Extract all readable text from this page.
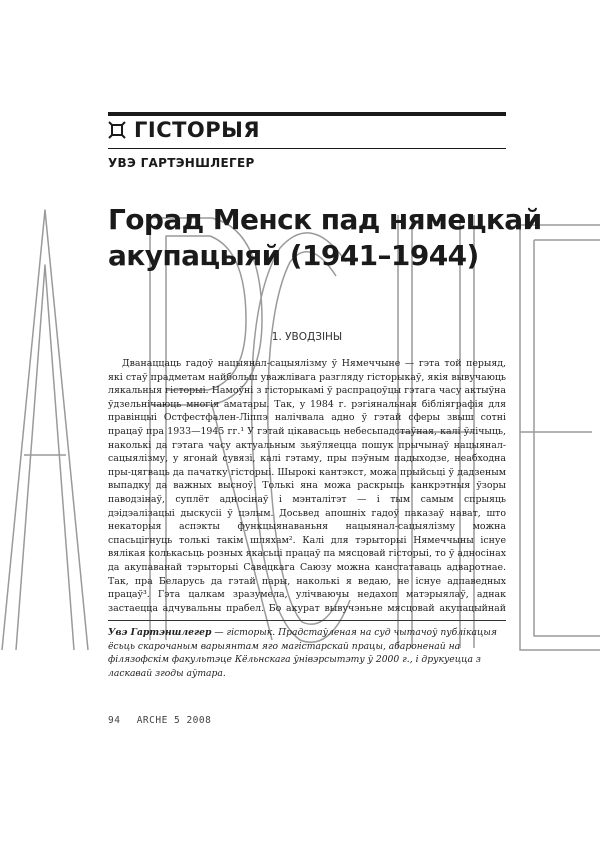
ГІСТОРЫЯ
УВЭ ГАРТЭНШЛЕГЕР
Горад Менск пад нямецкай
акупацыяй (1941–1944)
1. УВОДЗІНЫ

Дванаццаць гадоў нацыянал-сацыялізму ў Нямеччыне — гэта той перыяд, які стаў прадметам найбольш уважлівага разгляду гісторыкаў, якія вывучаюць лякальныя гісторыі. Намоўні з гісторыкамі ў распрацоўцы гэтага часу актыўна ўдзельнічаюць многія аматары. Так, у 1984 г. рэгіянальная бібліяграфія для правінцыі Остфестфален-Ліппэ налічвала адно ў гэтай сферы звыш сотні працаў пра 1933—1945 гг.¹ У гэтай цікавасьць небесьпадстаўная, калі ўлічыць, наколькі да гэтага часу актуальным зьяўляецца пошук прычынаў нацыянал-сацыялізму, у ягонай сувязі, калі гэтаму, пры пэўным падыходзе, неабходна пры-цягваць да пачатку гісторыі. Шырокі кантэкст, можа прыйсьці ў дадзеным выпадку да важных высноў. Толькі яна можа раскрыць канкрэтныя ўзоры паводзінаў, суплёт адносінаў і мэнталітэт — і тым самым спрыяць дэідэалізацыі дыскусіі ў цэлым. Досьвед апошніх гадоў паказаў нават, што некаторыя аспэкты функцыянаваньня нацыянал-сацыялізму можна спасьцігнуць толькі такім шляхам². Калі для тэрыторыі Нямеччыны існуе вялікая колькасьць розных якасьці працаў па мясцовай гісторыі, то ў адносінах да акупаванай тэрыторыі Савецкага Саюзу можна канстатаваць адваротнае. Так, пра Беларусь да гэтай пары, наколькі я ведаю, не існуе адпаведных працаў³. Гэта цалкам зразумела, улічваючы недахоп матэрыялаў, аднак застаецца адчувальны прабел. Бо акурат вывучэньне мясцовай акупацыйнай

Увэ Гартэншлегер — гісторык. Прадстаўленая на суд чытачоў публікацыя ёсьць скарочаным варыянтам яго магістарскай працы, абароненай на філязофскім факультэце Кёльнскага ўнівэрсытэту ў 2000 г., і друкуецца з ласкавай згоды аўтара.

94 ARCHE 5 2008
